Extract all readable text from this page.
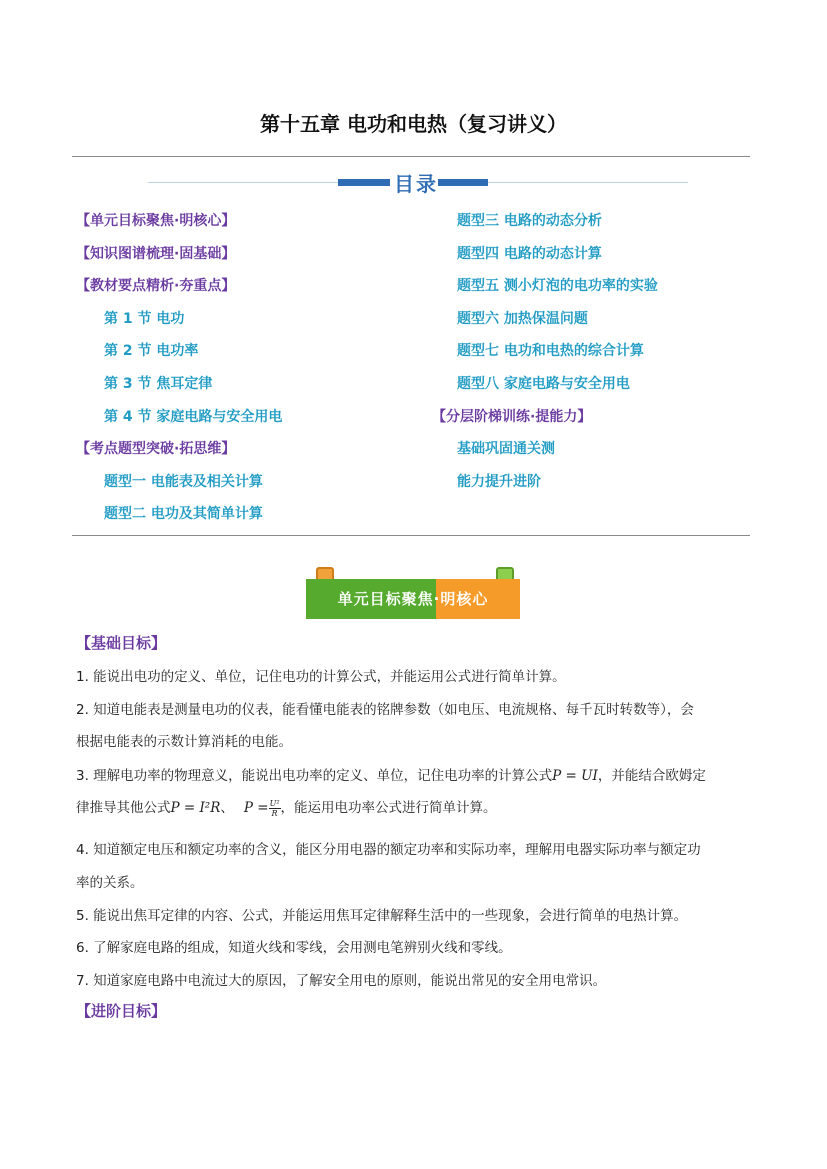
第十五章 电功和电热（复习讲义）
目录
【单元目标聚焦·明核心】
【知识图谱梳理·固基础】
【教材要点精析·夯重点】
第 1 节 电功
第 2 节 电功率
第 3 节 焦耳定律
第 4 节 家庭电路与安全用电
【考点题型突破·拓思维】
题型一 电能表及相关计算
题型二 电功及其简单计算
题型三 电路的动态分析
题型四 电路的动态计算
题型五 测小灯泡的电功率的实验
题型六 加热保温问题
题型七 电功和电热的综合计算
题型八 家庭电路与安全用电
【分层阶梯训练·提能力】
基础巩固通关测
能力提升进阶
单元目标聚焦·明核心
【基础目标】
1. 能说出电功的定义、单位，记住电功的计算公式，并能运用公式进行简单计算。
2. 知道电能表是测量电功的仪表，能看懂电能表的铭牌参数（如电压、电流规格、每千瓦时转数等），会
根据电能表的示数计算消耗的电能。
3. 理解电功率的物理意义，能说出电功率的定义、单位，记住电功率的计算公式P = UI，并能结合欧姆定
律推导其他公式P = I²R、 $P = \frac{\text{U²}}{R}$ ，能运用电功率公式进行简单计算。
4. 知道额定电压和额定功率的含义，能区分用电器的额定功率和实际功率，理解用电器实际功率与额定功
率的关系。
5. 能说出焦耳定律的内容、公式，并能运用焦耳定律解释生活中的一些现象，会进行简单的电热计算。
6. 了解家庭电路的组成，知道火线和零线，会用测电笔辨别火线和零线。
7. 知道家庭电路中电流过大的原因，了解安全用电的原则，能说出常见的安全用电常识。
【进阶目标】
